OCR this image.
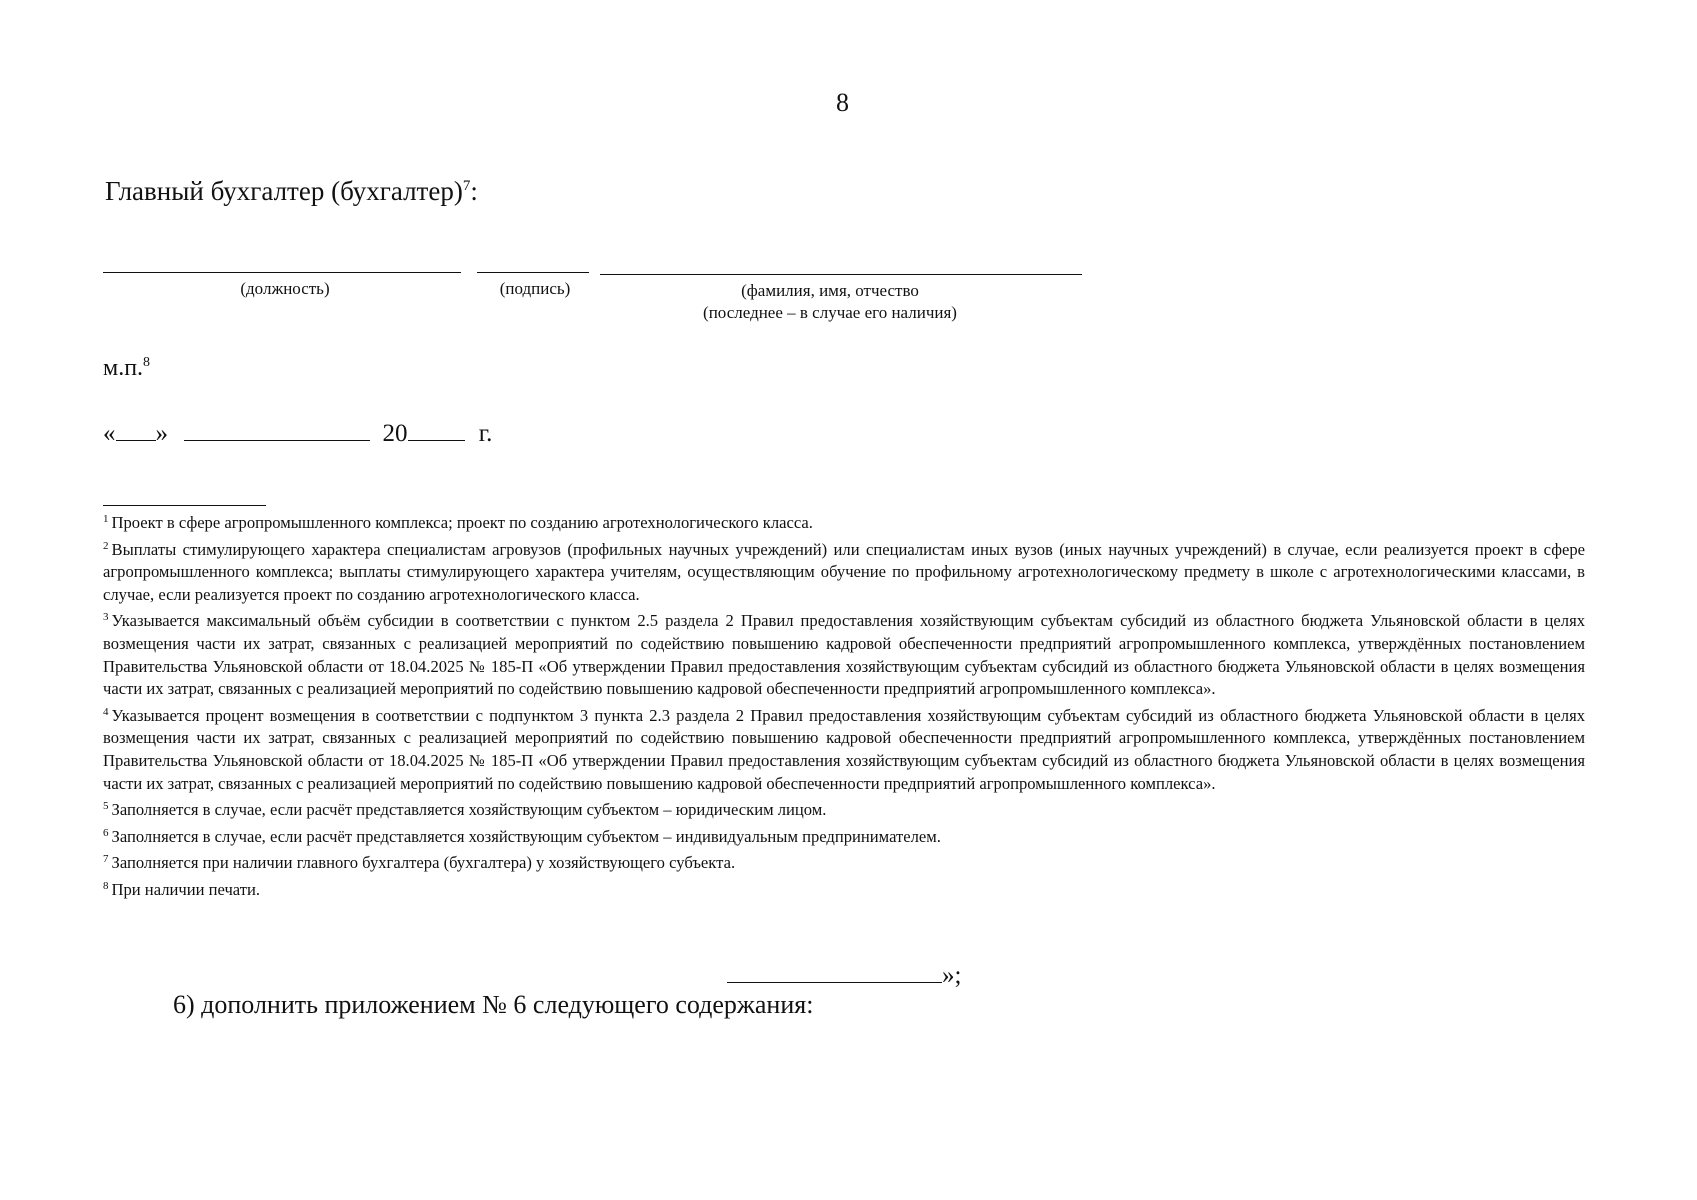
8
Главный бухгалтер (бухгалтер)$^7$:
(должность)	(подпись)	(фамилия, имя, отчество
(последнее – в случае его наличия)
м.п.$^8$
« »	20	г.

$^1$ Проект в сфере агропромышленного комплекса; проект по созданию агротехнологического класса.

$^2$ Выплаты стимулирующего характера специалистам агровузов (профильных научных учреждений) или специалистам иных вузов (иных научных учреждений) в случае, если реализуется проект в сфере агропромышленного комплекса; выплаты стимулирующего характера учителям, осуществляющим обучение по профильному агротехнологическому предмету в школе с агротехнологическими классами, в случае, если реализуется проект по созданию агротехнологического класса.

$^3$ Указывается максимальный объём субсидии в соответствии с пунктом 2.5 раздела 2 Правил предоставления хозяйствующим субъектам субсидий из областного бюджета Ульяновской области в целях возмещения части их затрат, связанных с реализацией мероприятий по содействию повышению кадровой обеспеченности предприятий агропромышленного комплекса, утверждённых постановлением Правительства Ульяновской области от 18.04.2025 № 185-П «Об утверждении Правил предоставления хозяйствующим субъектам субсидий из областного бюджета Ульяновской области в целях возмещения части их затрат, связанных с реализацией мероприятий по содействию повышению кадровой обеспеченности предприятий агропромышленного комплекса».

$^4$ Указывается процент возмещения в соответствии с подпунктом 3 пункта 2.3 раздела 2 Правил предоставления хозяйствующим субъектам субсидий из областного бюджета Ульяновской области в целях возмещения части их затрат, связанных с реализацией мероприятий по содействию повышению кадровой обеспеченности предприятий агропромышленного комплекса, утверждённых постановлением Правительства Ульяновской области от 18.04.2025 № 185-П «Об утверждении Правил предоставления хозяйствующим субъектам субсидий из областного бюджета Ульяновской области в целях возмещения части их затрат, связанных с реализацией мероприятий по содействию повышению кадровой обеспеченности предприятий агропромышленного комплекса».

$^5$ Заполняется в случае, если расчёт представляется хозяйствующим субъектом – юридическим лицом.

$^6$ Заполняется в случае, если расчёт представляется хозяйствующим субъектом – индивидуальным предпринимателем.

$^7$ Заполняется при наличии главного бухгалтера (бухгалтера) у хозяйствующего субъекта.

$^8$ При наличии печати.

»;
6) дополнить приложением № 6 следующего содержания:
